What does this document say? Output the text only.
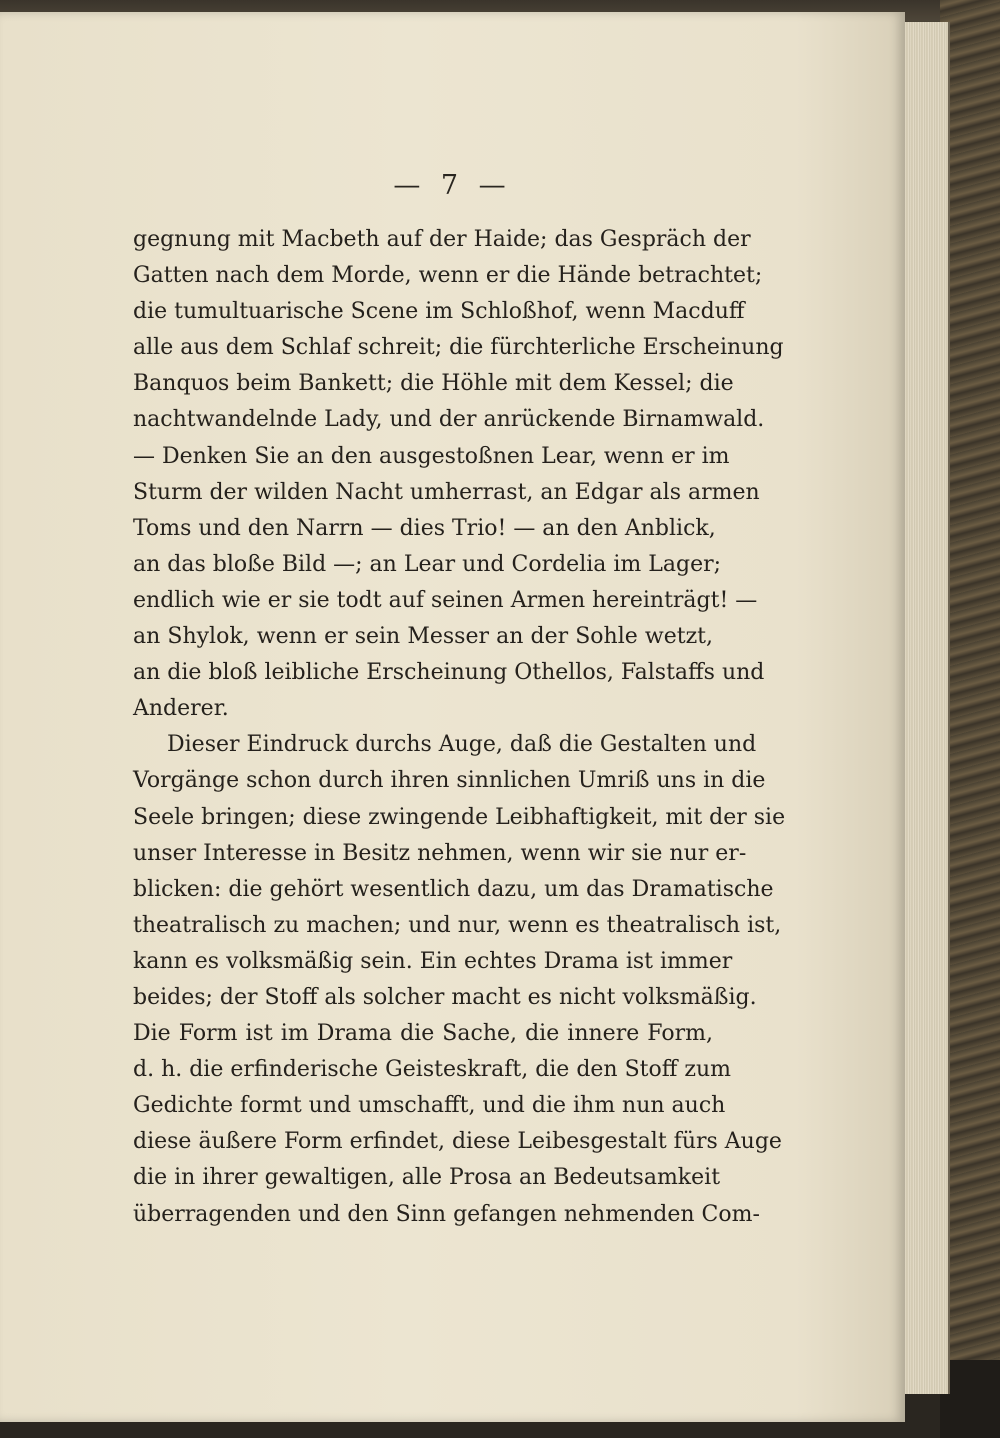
— 7 —
gegnung mit Macbeth auf der Haide; das Gespräch der
Gatten nach dem Morde, wenn er die Hände betrachtet;
die tumultuarische Scene im Schloßhof, wenn Macduff
alle aus dem Schlaf schreit; die fürchterliche Erscheinung
Banquos beim Bankett; die Höhle mit dem Kessel; die
nachtwandelnde Lady, und der anrückende Birnamwald.
— Denken Sie an den ausgestoßnen Lear, wenn er im
Sturm der wilden Nacht umherrast, an Edgar als armen
Toms und den Narrn — dies Trio! — an den Anblick,
an das bloße Bild —; an Lear und Cordelia im Lager;
endlich wie er sie todt auf seinen Armen hereinträgt! —
an Shylok, wenn er sein Messer an der Sohle wetzt,
an die bloß leibliche Erscheinung Othellos, Falstaffs und
Anderer.
Dieser Eindruck durchs Auge, daß die Gestalten und
Vorgänge schon durch ihren sinnlichen Umriß uns in die
Seele bringen; diese zwingende Leibhaftigkeit, mit der sie
unser Interesse in Besitz nehmen, wenn wir sie nur er-
blicken: die gehört wesentlich dazu, um das Dramatische
theatralisch zu machen; und nur, wenn es theatralisch ist,
kann es volksmäßig sein. Ein echtes Drama ist immer
beides; der Stoff als solcher macht es nicht volksmäßig.
Die Form ist im Drama die Sache, die innere Form,
d. h. die erfinderische Geisteskraft, die den Stoff zum
Gedichte formt und umschafft, und die ihm nun auch
diese äußere Form erfindet, diese Leibesgestalt fürs Auge
die in ihrer gewaltigen, alle Prosa an Bedeutsamkeit
überragenden und den Sinn gefangen nehmenden Com-
